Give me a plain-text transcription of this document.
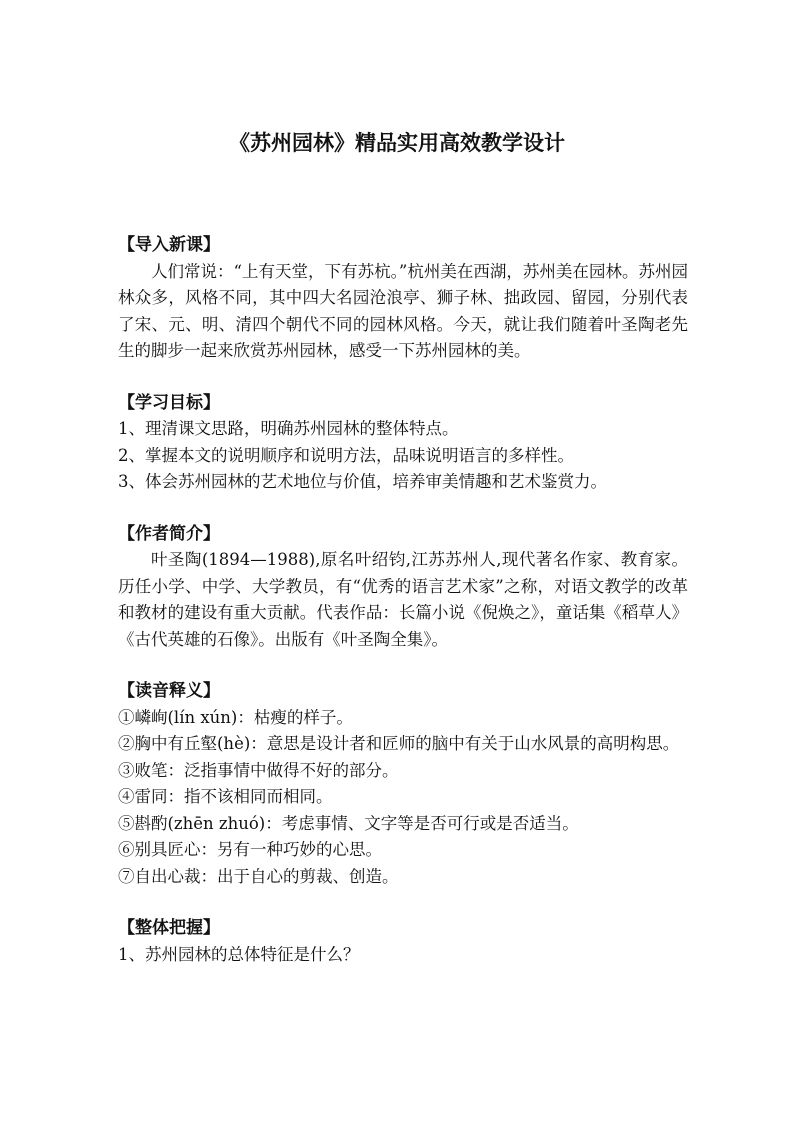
《苏州园林》精品实用高效教学设计
【导入新课】

人们常说：“上有天堂，下有苏杭。”杭州美在西湖，苏州美在园林。苏州园林众多，风格不同，其中四大名园沧浪亭、狮子林、拙政园、留园，分别代表了宋、元、明、清四个朝代不同的园林风格。今天，就让我们随着叶圣陶老先生的脚步一起来欣赏苏州园林，感受一下苏州园林的美。

【学习目标】

1、理清课文思路，明确苏州园林的整体特点。

2、掌握本文的说明顺序和说明方法，品味说明语言的多样性。

3、体会苏州园林的艺术地位与价值，培养审美情趣和艺术鉴赏力。

【作者简介】

叶圣陶(1894—1988),原名叶绍钧,江苏苏州人,现代著名作家、教育家。历任小学、中学、大学教员，有“优秀的语言艺术家”之称，对语文教学的改革和教材的建设有重大贡献。代表作品：长篇小说《倪焕之》，童话集《稻草人》《古代英雄的石像》。出版有《叶圣陶全集》。

【读音释义】

①嶙峋(lín xún)：枯瘦的样子。

②胸中有丘壑(hè)：意思是设计者和匠师的脑中有关于山水风景的高明构思。

③败笔：泛指事情中做得不好的部分。

④雷同：指不该相同而相同。

⑤斟酌(zhēn zhuó)：考虑事情、文字等是否可行或是否适当。

⑥别具匠心：另有一种巧妙的心思。

⑦自出心裁：出于自心的剪裁、创造。

【整体把握】

1、苏州园林的总体特征是什么？
